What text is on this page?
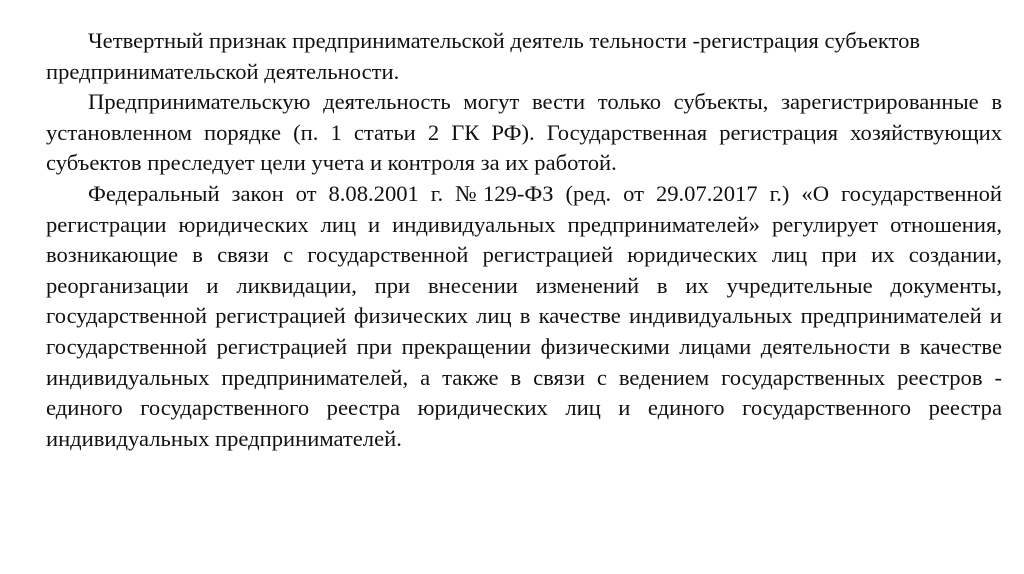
Четвертный признак предпринимательской деятель тельности -регистрация субъектов предпринимательской деятельности.

Предпринимательскую деятельность могут вести только субъекты, зарегистрированные в установленном порядке (п. 1 статьи 2 ГК РФ). Государственная регистрация хозяйствующих субъектов преследует цели учета и контроля за их работой.

Федеральный закон от 8.08.2001 г. №129-ФЗ (ред. от 29.07.2017 г.) «О государственной регистрации юридических лиц и индивидуальных предпринимателей» регулирует отношения, возникающие в связи с государственной регистрацией юридических лиц при их создании, реорганизации и ликвидации, при внесении изменений в их учредительные документы, государственной регистрацией физических лиц в качестве индивидуальных предпринимателей и государственной регистрацией при прекращении физическими лицами деятельности в качестве индивидуальных предпринимателей, а также в связи с ведением государственных реестров - единого государственного реестра юридических лиц и единого государственного реестра индивидуальных предпринимателей.
